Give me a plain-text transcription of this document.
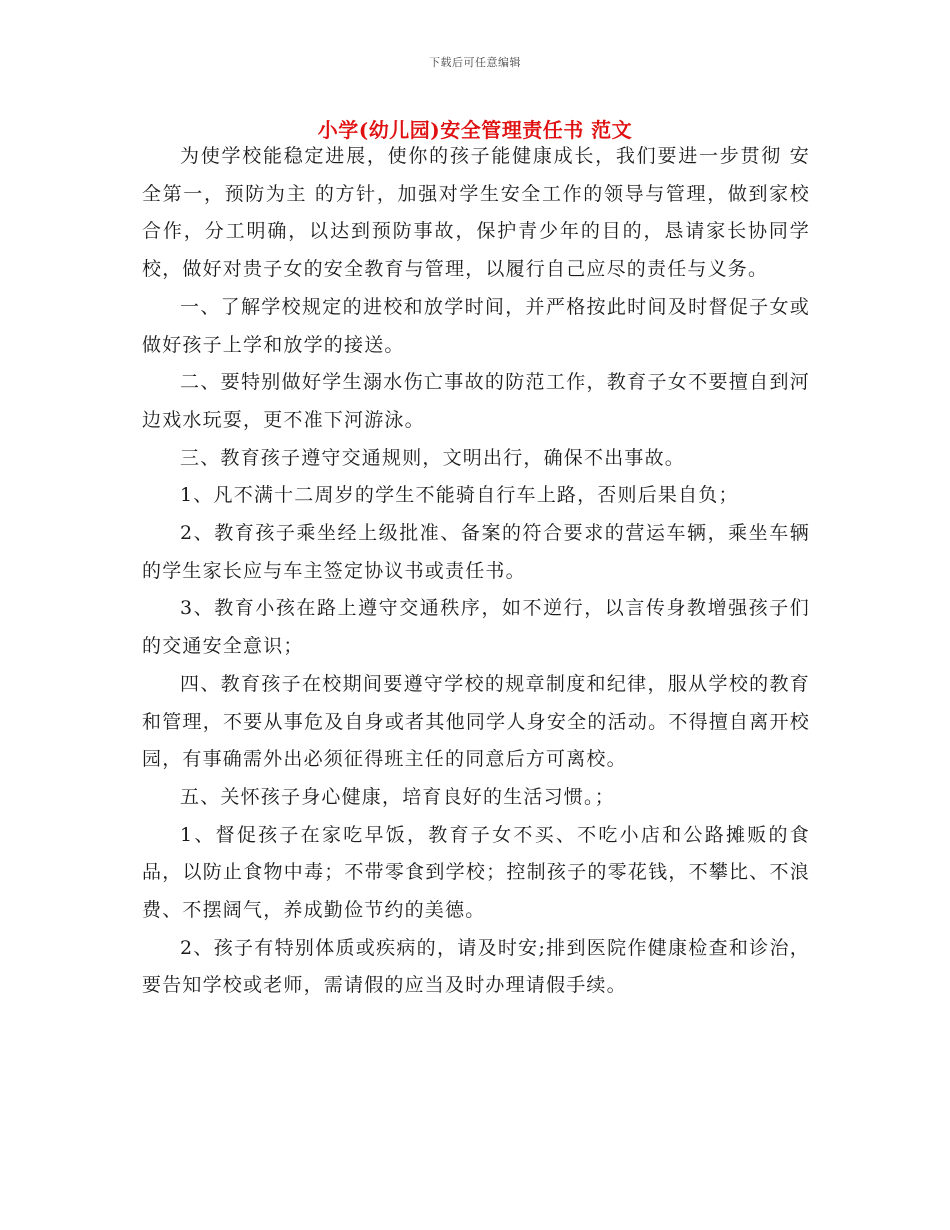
下载后可任意编辑
小学(幼儿园)安全管理责任书 范文

为使学校能稳定进展，使你的孩子能健康成长，我们要进一步贯彻 安全第一，预防为主 的方针，加强对学生安全工作的领导与管理，做到家校合作，分工明确，以达到预防事故，保护青少年的目的，恳请家长协同学校，做好对贵子女的安全教育与管理，以履行自己应尽的责任与义务。

一、了解学校规定的进校和放学时间，并严格按此时间及时督促子女或做好孩子上学和放学的接送。

二、要特别做好学生溺水伤亡事故的防范工作，教育子女不要擅自到河边戏水玩耍，更不准下河游泳。

三、教育孩子遵守交通规则，文明出行，确保不出事故。

1、凡不满十二周岁的学生不能骑自行车上路，否则后果自负；

2、教育孩子乘坐经上级批准、备案的符合要求的营运车辆，乘坐车辆的学生家长应与车主签定协议书或责任书。

3、教育小孩在路上遵守交通秩序，如不逆行，以言传身教增强孩子们的交通安全意识；

四、教育孩子在校期间要遵守学校的规章制度和纪律，服从学校的教育和管理，不要从事危及自身或者其他同学人身安全的活动。不得擅自离开校园，有事确需外出必须征得班主任的同意后方可离校。

五、关怀孩子身心健康，培育良好的生活习惯。；

1、督促孩子在家吃早饭，教育子女不买、不吃小店和公路摊贩的食品，以防止食物中毒；不带零食到学校；控制孩子的零花钱，不攀比、不浪费、不摆阔气，养成勤俭节约的美德。

2、孩子有特别体质或疾病的，请及时安;排到医院作健康检查和诊治，要告知学校或老师，需请假的应当及时办理请假手续。
